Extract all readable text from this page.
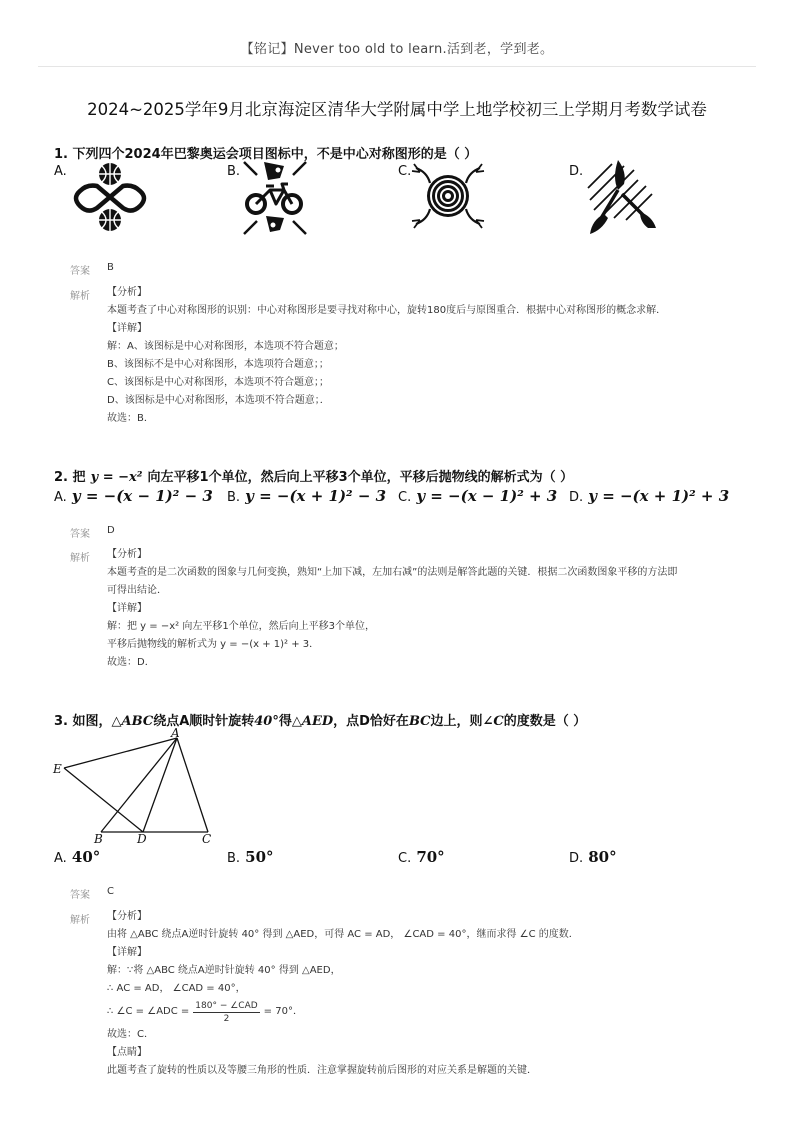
【铭记】Never too old to learn.活到老，学到老。
2024~2025学年9月北京海淀区清华大学附属中学上地学校初三上学期月考数学试卷
1. 下列四个2024年巴黎奥运会项目图标中，不是中心对称图形的是（ ）
A.	B.	C.	D.
答案 B
解析 【分析】
本题考查了中心对称图形的识别：中心对称图形是要寻找对称中心，旋转180度后与原图重合．根据中心对称图形的概念求解．
【详解】
解：A、该图标是中心对称图形，本选项不符合题意；
B、该图标不是中心对称图形，本选项符合题意；；
C、该图标是中心对称图形，本选项不符合题意；；
D、该图标是中心对称图形，本选项不符合题意；．
故选：B．
2. 把 y = −x² 向左平移1个单位，然后向上平移3个单位，平移后抛物线的解析式为（ ）
A. y = −(x − 1)² − 3 B. y = −(x + 1)² − 3 C. y = −(x − 1)² + 3 D. y = −(x + 1)² + 3
答案 D
解析 【分析】
本题考查的是二次函数的图象与几何变换，熟知“上加下减，左加右减”的法则是解答此题的关键．根据二次函数图象平移的方法即
可得出结论．
【详解】
解：把 y = −x² 向左平移1个单位，然后向上平移3个单位，
平移后抛物线的解析式为 y = −(x + 1)² + 3．
故选：D．
3. 如图，△ABC绕点A顺时针旋转40°得△AED，点D恰好在BC边上，则∠C的度数是（ ）
A
E
B	D	C
A. 40°	B. 50°	C. 70°	D. 80°
答案 C
解析 【分析】
由将 △ABC 绕点A逆时针旋转 40° 得到 △AED，可得 AC = AD， ∠CAD = 40°，继而求得 ∠C 的度数．
【详解】
解：∵将 △ABC 绕点A逆时针旋转 40° 得到 △AED，
∴ AC = AD， ∠CAD = 40°，
∴ ∠C = ∠ADC =
180° − ∠CAD
2
= 70°．
故选：C．
【点睛】
此题考查了旋转的性质以及等腰三角形的性质．注意掌握旋转前后图形的对应关系是解题的关键．
